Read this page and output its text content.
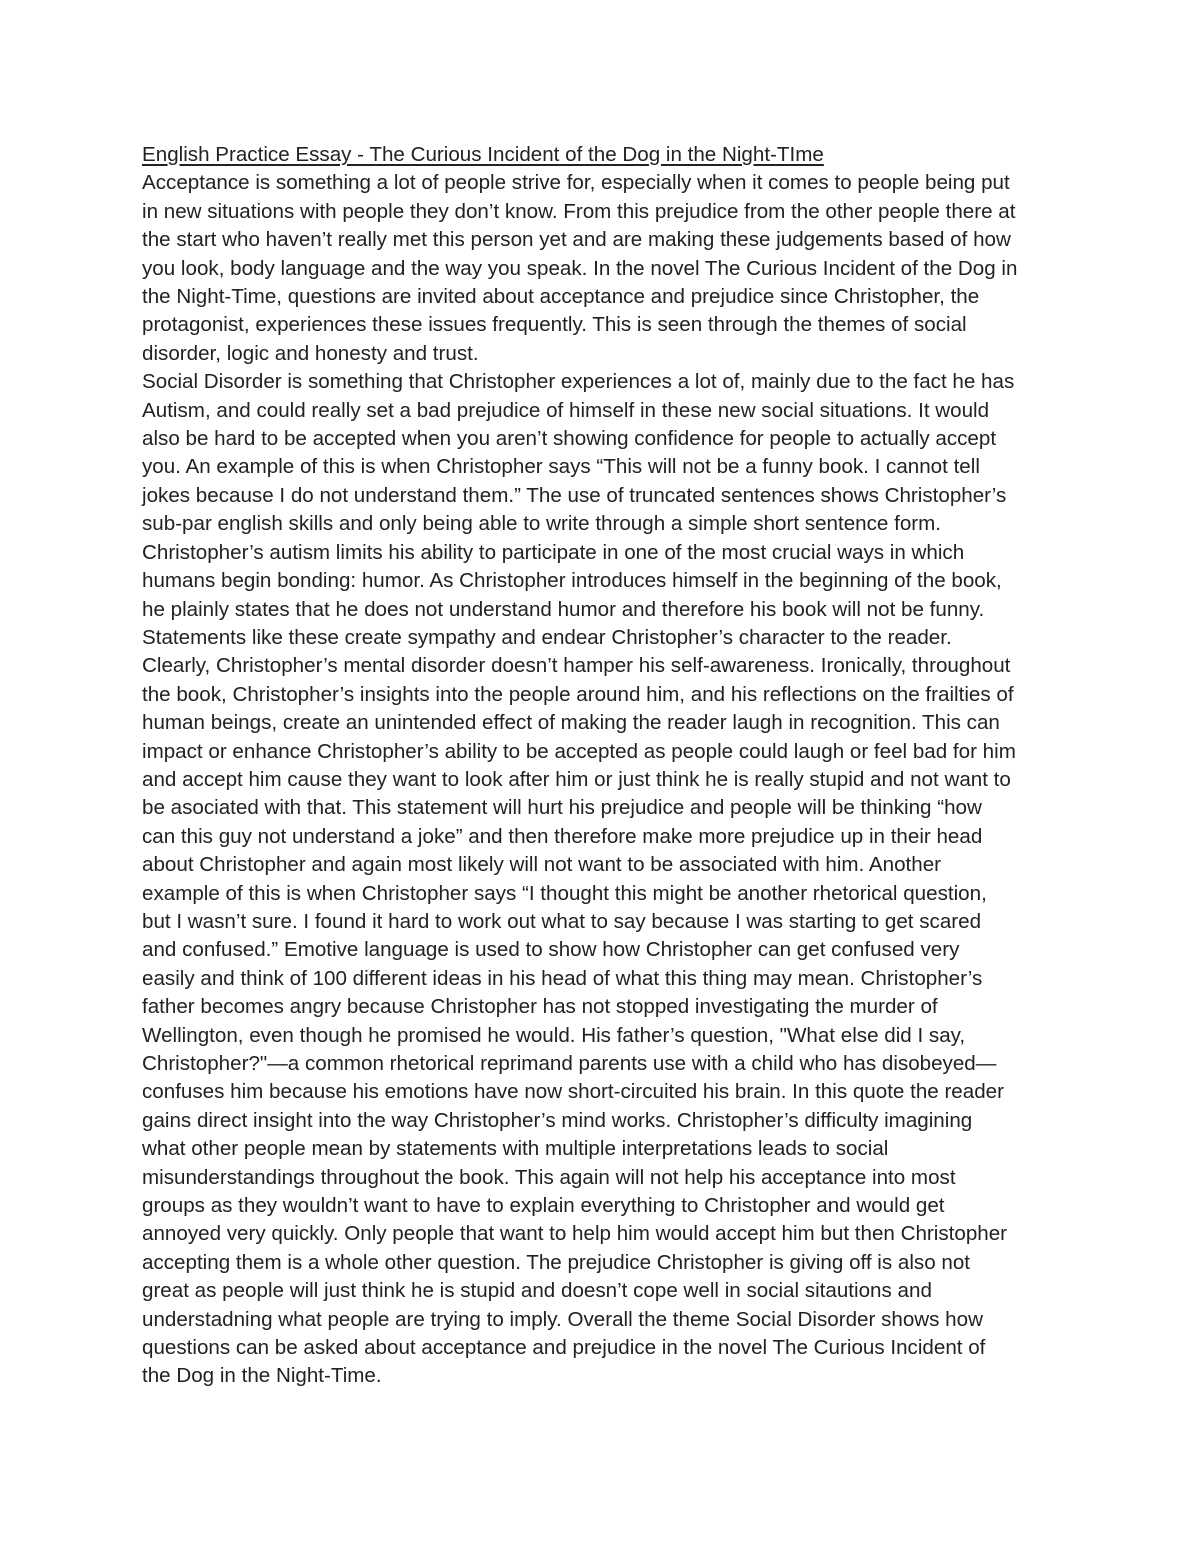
English Practice Essay - The Curious Incident of the Dog in the Night-TIme

Acceptance is something a lot of people strive for, especially when it comes to people being put
in new situations with people they don’t know. From this prejudice from the other people there at
the start who haven’t really met this person yet and are making these judgements based of how
you look, body language and the way you speak. In the novel The Curious Incident of the Dog in
the Night-Time, questions are invited about acceptance and prejudice since Christopher, the
protagonist, experiences these issues frequently. This is seen through the themes of social
disorder, logic and honesty and trust.

Social Disorder is something that Christopher experiences a lot of, mainly due to the fact he has
Autism, and could really set a bad prejudice of himself in these new social situations. It would
also be hard to be accepted when you aren’t showing confidence for people to actually accept
you. An example of this is when Christopher says “This will not be a funny book. I cannot tell
jokes because I do not understand them.” The use of truncated sentences shows Christopher’s
sub-par english skills and only being able to write through a simple short sentence form.
Christopher’s autism limits his ability to participate in one of the most crucial ways in which
humans begin bonding: humor. As Christopher introduces himself in the beginning of the book,
he plainly states that he does not understand humor and therefore his book will not be funny.
Statements like these create sympathy and endear Christopher’s character to the reader.
Clearly, Christopher’s mental disorder doesn’t hamper his self-awareness. Ironically, throughout
the book, Christopher’s insights into the people around him, and his reflections on the frailties of
human beings, create an unintended effect of making the reader laugh in recognition. This can
impact or enhance Christopher’s ability to be accepted as people could laugh or feel bad for him
and accept him cause they want to look after him or just think he is really stupid and not want to
be asociated with that. This statement will hurt his prejudice and people will be thinking “how
can this guy not understand a joke” and then therefore make more prejudice up in their head
about Christopher and again most likely will not want to be associated with him. Another
example of this is when Christopher says “I thought this might be another rhetorical question,
but I wasn’t sure. I found it hard to work out what to say because I was starting to get scared
and confused.” Emotive language is used to show how Christopher can get confused very
easily and think of 100 different ideas in his head of what this thing may mean. Christopher’s
father becomes angry because Christopher has not stopped investigating the murder of
Wellington, even though he promised he would. His father’s question, "What else did I say,
Christopher?"—a common rhetorical reprimand parents use with a child who has disobeyed—
confuses him because his emotions have now short-circuited his brain. In this quote the reader
gains direct insight into the way Christopher’s mind works. Christopher’s difficulty imagining
what other people mean by statements with multiple interpretations leads to social
misunderstandings throughout the book. This again will not help his acceptance into most
groups as they wouldn’t want to have to explain everything to Christopher and would get
annoyed very quickly. Only people that want to help him would accept him but then Christopher
accepting them is a whole other question. The prejudice Christopher is giving off is also not
great as people will just think he is stupid and doesn’t cope well in social sitautions and
understadning what people are trying to imply. Overall the theme Social Disorder shows how
questions can be asked about acceptance and prejudice in the novel The Curious Incident of
the Dog in the Night-Time.
